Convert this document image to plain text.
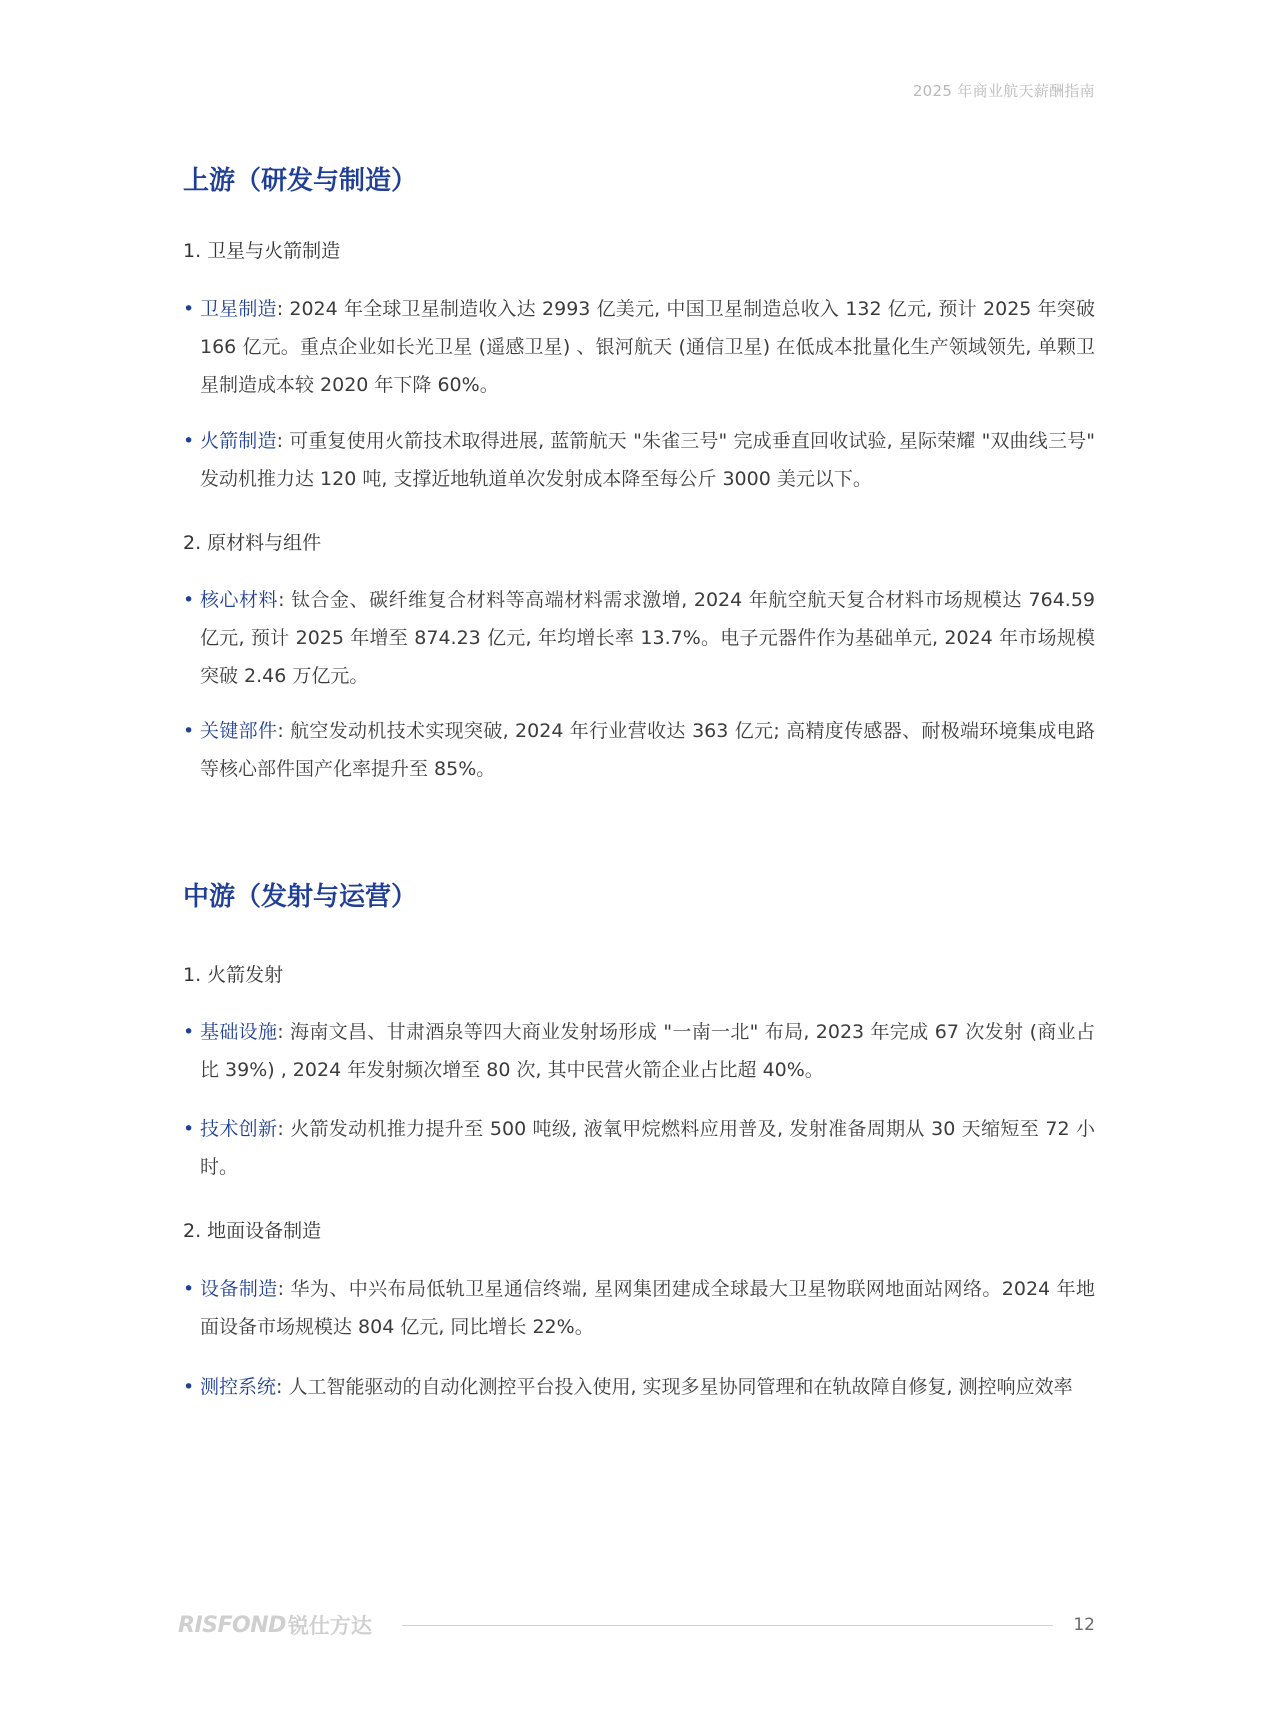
2025 年商业航天薪酬指南
上游（研发与制造）
1. 卫星与火箭制造
• 卫星制造: 2024 年全球卫星制造收入达 2993 亿美元, 中国卫星制造总收入 132 亿元, 预计 2025 年突破 166 亿元。重点企业如长光卫星 (遥感卫星) 、银河航天 (通信卫星) 在低成本批量化生产领域领先, 单颗卫星制造成本较 2020 年下降 60%。
• 火箭制造: 可重复使用火箭技术取得进展, 蓝箭航天 "朱雀三号" 完成垂直回收试验, 星际荣耀 "双曲线三号" 发动机推力达 120 吨, 支撑近地轨道单次发射成本降至每公斤 3000 美元以下。
2. 原材料与组件
• 核心材料: 钛合金、碳纤维复合材料等高端材料需求激增, 2024 年航空航天复合材料市场规模达 764.59 亿元, 预计 2025 年增至 874.23 亿元, 年均增长率 13.7%。电子元器件作为基础单元, 2024 年市场规模突破 2.46 万亿元。
• 关键部件: 航空发动机技术实现突破, 2024 年行业营收达 363 亿元; 高精度传感器、耐极端环境集成电路等核心部件国产化率提升至 85%。
中游（发射与运营）
1. 火箭发射
• 基础设施: 海南文昌、甘肃酒泉等四大商业发射场形成 "一南一北" 布局, 2023 年完成 67 次发射 (商业占比 39%) , 2024 年发射频次增至 80 次, 其中民营火箭企业占比超 40%。
• 技术创新: 火箭发动机推力提升至 500 吨级, 液氧甲烷燃料应用普及, 发射准备周期从 30 天缩短至 72 小时。
2. 地面设备制造
• 设备制造: 华为、中兴布局低轨卫星通信终端, 星网集团建成全球最大卫星物联网地面站网络。2024 年地面设备市场规模达 804 亿元, 同比增长 22%。
• 测控系统: 人工智能驱动的自动化测控平台投入使用, 实现多星协同管理和在轨故障自修复, 测控响应效率
RISFOND 锐仕方达	12
